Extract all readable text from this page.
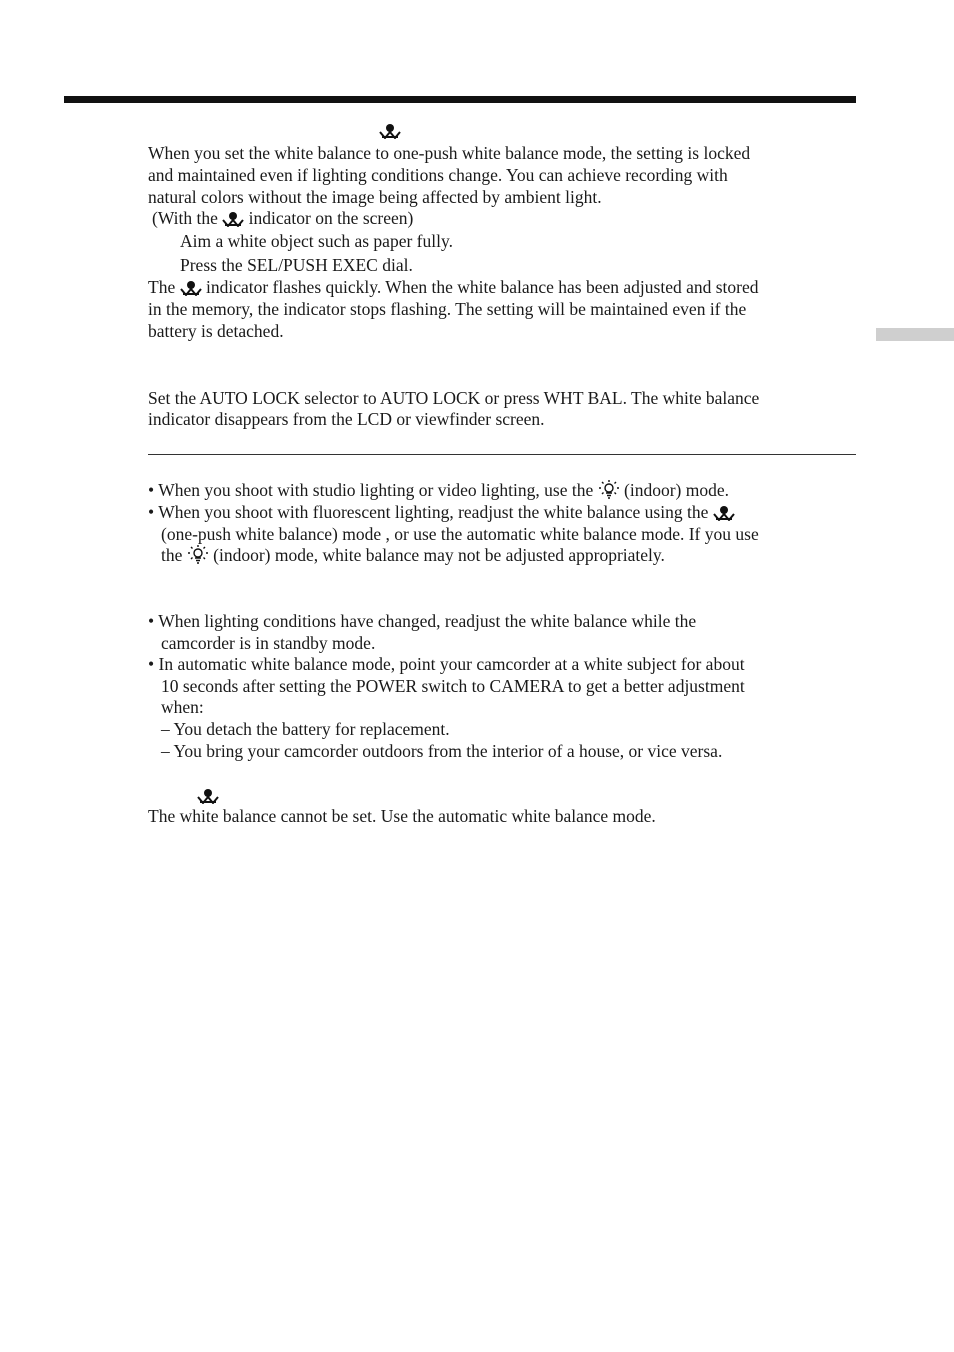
When you set the white balance to one-push white balance mode, the setting is locked
and maintained even if lighting conditions change. You can achieve recording with
natural colors without the image being affected by ambient light.
(With the indicator on the screen)
Aim a white object such as paper fully.
Press the SEL/PUSH EXEC dial.
The indicator flashes quickly. When the white balance has been adjusted and stored
in the memory, the indicator stops flashing. The setting will be maintained even if the
battery is detached.
Set the AUTO LOCK selector to AUTO LOCK or press WHT BAL. The white balance
indicator disappears from the LCD or viewfinder screen.
• When you shoot with studio lighting or video lighting, use the (indoor) mode.
• When you shoot with fluorescent lighting, readjust the white balance using the
(one-push white balance) mode , or use the automatic white balance mode. If you use
the (indoor) mode, white balance may not be adjusted appropriately.
• When lighting conditions have changed, readjust the white balance while the
camcorder is in standby mode.
• In automatic white balance mode, point your camcorder at a white subject for about
10 seconds after setting the POWER switch to CAMERA to get a better adjustment
when:
– You detach the battery for replacement.
– You bring your camcorder outdoors from the interior of a house, or vice versa.
The white balance cannot be set. Use the automatic white balance mode.
